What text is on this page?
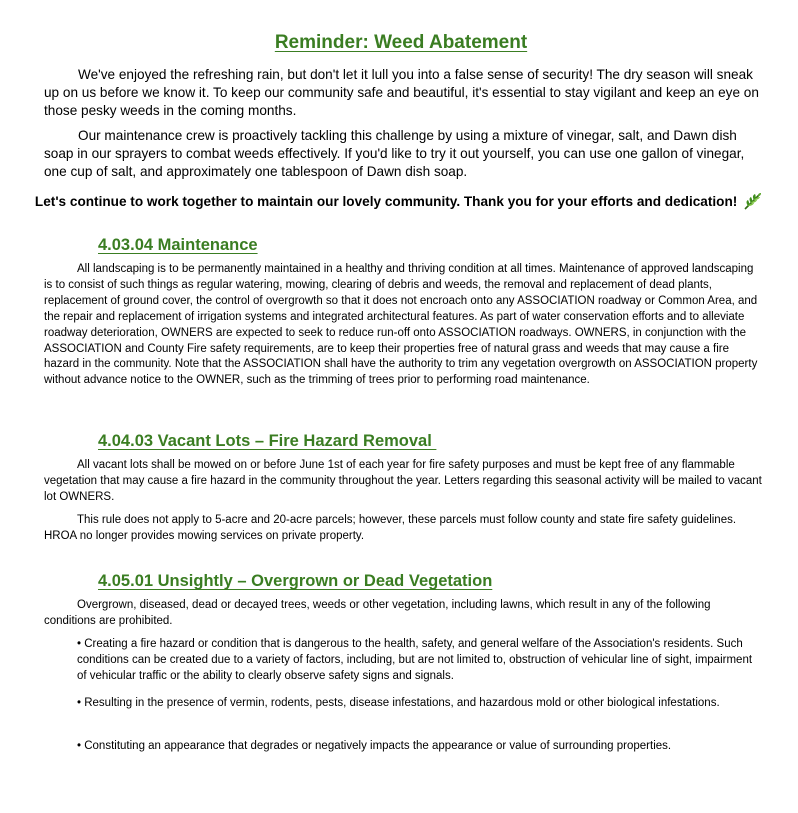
Reminder: Weed Abatement

We've enjoyed the refreshing rain, but don't let it lull you into a false sense of security! The dry season will sneak up on us before we know it. To keep our community safe and beautiful, it's essential to stay vigilant and keep an eye on those pesky weeds in the coming months.

Our maintenance crew is proactively tackling this challenge by using a mixture of vinegar, salt, and Dawn dish soap in our sprayers to combat weeds effectively. If you'd like to try it out yourself, you can use one gallon of vinegar, one cup of salt, and approximately one tablespoon of Dawn dish soap.

Let's continue to work together to maintain our lovely community. Thank you for your efforts and dedication!
4.03.04 Maintenance

All landscaping is to be permanently maintained in a healthy and thriving condition at all times. Maintenance of approved landscaping is to consist of such things as regular watering, mowing, clearing of debris and weeds, the removal and replacement of dead plants, replacement of ground cover, the control of overgrowth so that it does not encroach onto any ASSOCIATION roadway or Common Area, and the repair and replacement of irrigation systems and integrated architectural features. As part of water conservation efforts and to alleviate roadway deterioration, OWNERS are expected to seek to reduce run-off onto ASSOCIATION roadways. OWNERS, in conjunction with the ASSOCIATION and County Fire safety requirements, are to keep their properties free of natural grass and weeds that may cause a fire hazard in the community. Note that the ASSOCIATION shall have the authority to trim any vegetation overgrowth on ASSOCIATION property without advance notice to the OWNER, such as the trimming of trees prior to performing road maintenance.

4.04.03 Vacant Lots – Fire Hazard Removal

All vacant lots shall be mowed on or before June 1st of each year for fire safety purposes and must be kept free of any flammable vegetation that may cause a fire hazard in the community throughout the year. Letters regarding this seasonal activity will be mailed to vacant lot OWNERS.

This rule does not apply to 5-acre and 20-acre parcels; however, these parcels must follow county and state fire safety guidelines. HROA no longer provides mowing services on private property.

4.05.01 Unsightly – Overgrown or Dead Vegetation

Overgrown, diseased, dead or decayed trees, weeds or other vegetation, including lawns, which result in any of the following conditions are prohibited.

• Creating a fire hazard or condition that is dangerous to the health, safety, and general welfare of the Association's residents. Such conditions can be created due to a variety of factors, including, but are not limited to, obstruction of vehicular line of sight, impairment of vehicular traffic or the ability to clearly observe safety signs and signals.

• Resulting in the presence of vermin, rodents, pests, disease infestations, and hazardous mold or other biological infestations.

• Constituting an appearance that degrades or negatively impacts the appearance or value of surrounding properties.
